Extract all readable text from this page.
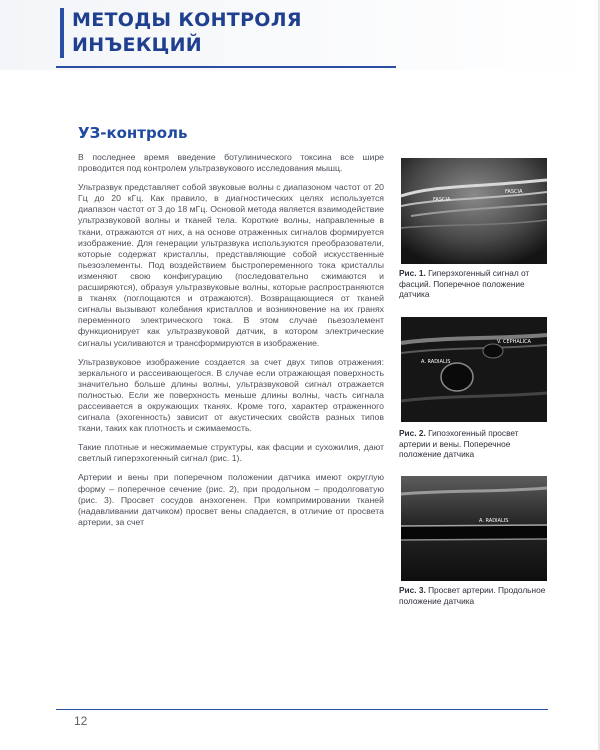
МЕТОДЫ КОНТРОЛЯ
ИНЪЕКЦИЙ
УЗ-контроль

В последнее время введение ботулинического токсина все шире проводится под контролем ультразвукового исследования мышц.

Ультразвук представляет собой звуковые волны с диапазоном частот от 20 Гц до 20 кГц. Как правило, в диагностических целях используется диапазон частот от 3 до 18 мГц. Основой метода является взаимодействие ультразвуковой волны и тканей тела. Короткие волны, направленные в ткани, отражаются от них, а на основе отраженных сигналов формируется изображение. Для генерации ультразвука используются преобразователи, которые содержат кристаллы, представляющие собой искусственные пьезоэлементы. Под воздействием быстропеременного тока кристаллы изменяют свою конфигурацию (последовательно сжимаются и расширяются), образуя ультразвуковые волны, которые распространяются в тканях (поглощаются и отражаются). Возвращающиеся от тканей сигналы вызывают колебания кристаллов и возникновение на их гранях переменного электрического тока. В этом случае пьезоэлемент функционирует как ультразвуковой датчик, в котором электрические сигналы усиливаются и трансформируются в изображение.

Ультразвуковое изображение создается за счет двух типов отражения: зеркального и рассеивающегося. В случае если отражающая поверхность значительно больше длины волны, ультразвуковой сигнал отражается полностью. Если же поверхность меньше длины волны, часть сигнала рассеивается в окружающих тканях. Кроме того, характер отраженного сигнала (эхогенность) зависит от акустических свойств разных типов ткани, таких как плотность и сжимаемость.

Такие плотные и несжимаемые структуры, как фасции и сухожилия, дают светлый гиперэхогенный сигнал (рис. 1).

Артерии и вены при поперечном положении датчика имеют округлую форму – поперечное сечение (рис. 2), при продольном – продолговатую (рис. 3). Просвет сосудов анэхогенен. При компримировании тканей (надавливании датчиком) просвет вены спадается, в отличие от просвета артерии, за счет

FASCIA
FASCIA
Рис. 1. Гиперэхогенный сигнал от фасций. Поперечное положение датчика
V. CEPHALICA
A. RADIALIS
Рис. 2. Гипоэхогенный просвет артерии и вены. Поперечное положение датчика
A. RADIALIS
Рис. 3. Просвет артерии. Продольное положение датчика
12
